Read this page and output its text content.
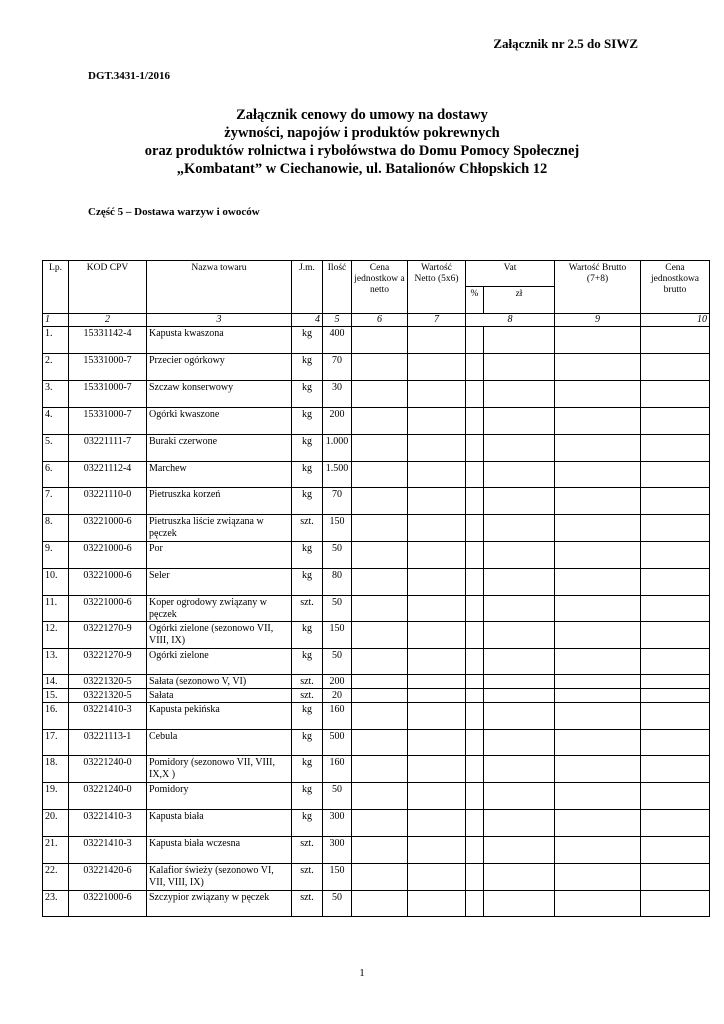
Załącznik nr 2.5 do SIWZ
DGT.3431-1/2016
Załącznik cenowy do umowy na dostawy
żywności, napojów i produktów pokrewnych
oraz produktów rolnictwa i rybołówstwa do Domu Pomocy Społecznej
„Kombatant” w Ciechanowie, ul. Batalionów Chłopskich 12
Część 5 – Dostawa warzyw i owoców
Lp.	KOD CPV	Nazwa towaru	J.m.	Ilość	Cena jednostkow a netto	Wartość Netto (5x6)	Vat		Wartość Brutto (7+8)	Cena jednostkowa brutto
							%	zł		
1	2	3	4	5	6	7	8		9	10
1.	15331142-4	Kapusta kwaszona	kg	400						
2.	15331000-7	Przecier ogórkowy	kg	70						
3.	15331000-7	Szczaw konserwowy	kg	30						
4.	15331000-7	Ogórki kwaszone	kg	200						
5.	03221111-7	Buraki czerwone	kg	1.000						
6.	03221112-4	Marchew	kg	1.500						
7.	03221110-0	Pietruszka korzeń	kg	70						
8.	03221000-6	Pietruszka liście związana w pęczek	szt.	150						
9.	03221000-6	Por	kg	50						
10.	03221000-6	Seler	kg	80						
11.	03221000-6	Koper ogrodowy związany w pęczek	szt.	50						
12.	03221270-9	Ogórki zielone (sezonowo VII, VIII, IX)	kg	150						
13.	03221270-9	Ogórki zielone	kg	50						
14.	03221320-5	Sałata (sezonowo V, VI)	szt.	200						
15.	03221320-5	Sałata	szt.	20						
16.	03221410-3	Kapusta pekińska	kg	160						
17.	03221113-1	Cebula	kg	500						
18.	03221240-0	Pomidory (sezonowo VII, VIII, IX,X )	kg	160						
19.	03221240-0	Pomidory	kg	50						
20.	03221410-3	Kapusta biała	kg	300						
21.	03221410-3	Kapusta biała wczesna	szt.	300						
22.	03221420-6	Kalafior świeży (sezonowo VI, VII, VIII, IX)	szt.	150						
23.	03221000-6	Szczypior związany w pęczek	szt.	50						
1
